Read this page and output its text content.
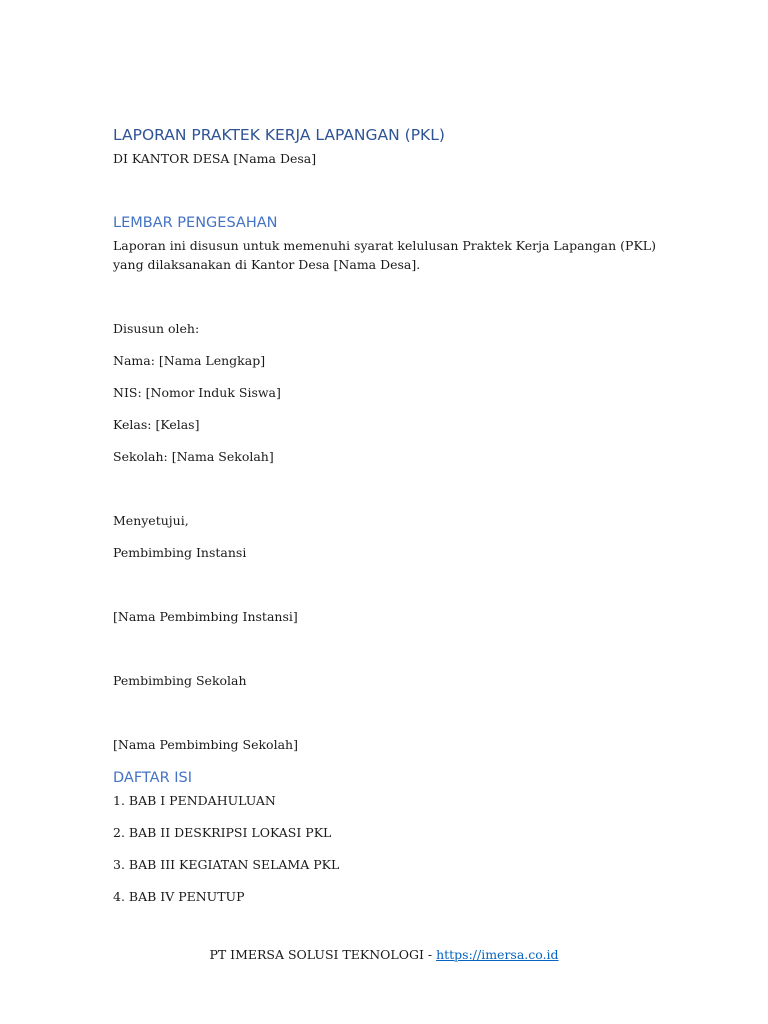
LAPORAN PRAKTEK KERJA LAPANGAN (PKL)

DI KANTOR DESA [Nama Desa]

LEMBAR PENGESAHAN

Laporan ini disusun untuk memenuhi syarat kelulusan Praktek Kerja Lapangan (PKL) yang dilaksanakan di Kantor Desa [Nama Desa].

Disusun oleh:

Nama: [Nama Lengkap]

NIS: [Nomor Induk Siswa]

Kelas: [Kelas]

Sekolah: [Nama Sekolah]

Menyetujui,

Pembimbing Instansi

[Nama Pembimbing Instansi]

Pembimbing Sekolah

[Nama Pembimbing Sekolah]

DAFTAR ISI

1. BAB I PENDAHULUAN

2. BAB II DESKRIPSI LOKASI PKL

3. BAB III KEGIATAN SELAMA PKL

4. BAB IV PENUTUP

PT IMERSA SOLUSI TEKNOLOGI - https://imersa.co.id
